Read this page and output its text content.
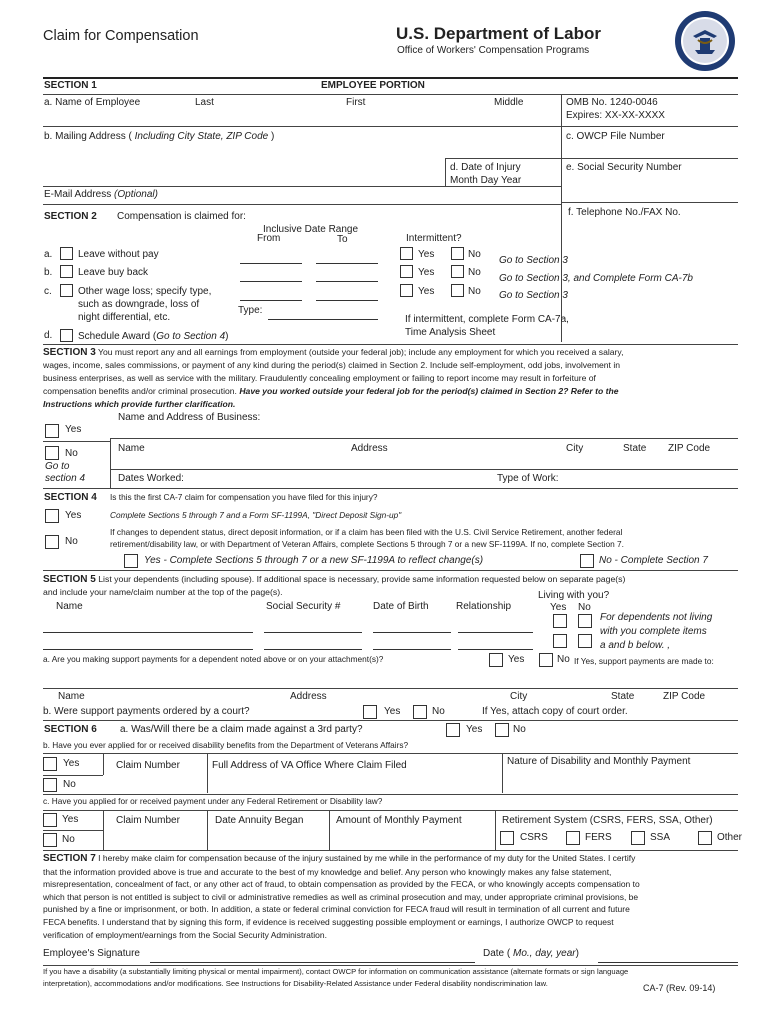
Claim for Compensation	U.S. Department of Labor
Office of Workers' Compensation Programs
SECTION 1	EMPLOYEE PORTION
a. Name of Employee	Last	First	Middle	OMB No. 1240-0046
Expires: XX-XX-XXXX
b. Mailing Address ( Including City State, ZIP Code )	c. OWCP File Number
d. Date of Injury
Month Day Year
e. Social Security Number
E-Mail Address (Optional)
f. Telephone No./FAX No.
SECTION 2 Compensation is claimed for:
Inclusive Date Range
From	To	Intermittent?
a.	Leave without pay	Yes	No
Go to Section 3
b.	Leave buy back	Yes	No
Go to Section 3, and Complete Form CA-7b
c.	Other wage loss; specify type,
such as downgrade, loss of
night differential, etc.
Yes	No Go to Section 3
Type:
If intermittent, complete Form CA-7a,
Time Analysis Sheet
d.	Schedule Award (Go to Section 4)
SECTION 3 You must report any and all earnings from employment (outside your federal job); include any employment for which you received a salary,
wages, income, sales commissions, or payment of any kind during the period(s) claimed in Section 2. Include self-employment, odd jobs, involvement in
business enterprises, as well as service with the military. Fraudulently concealing employment or failing to report income may result in forfeiture of
compensation benefits and/or criminal prosecution. Have you worked outside your federal job for the period(s) claimed in Section 2? Refer to the
Instructions which provide further clarification.
Name and Address of Business:
Yes
No
Go to
section 4
Name	Address	City	State ZIP Code
Dates Worked:	Type of Work:
SECTION 4 Is this the first CA-7 claim for compensation you have filed for this injury?
Yes	Complete Sections 5 through 7 and a Form SF-1199A, "Direct Deposit Sign-up"
No
If changes to dependent status, direct deposit information, or if a claim has been filed with the U.S. Civil Service Retirement, another federal
retirement/disability law, or with Department of Veteran Affairs, complete Sections 5 through 7 or a new SF-1199A. If no, complete Section 7.
Yes - Complete Sections 5 through 7 or a new SF-1199A to reflect change(s)	No - Complete Section 7
SECTION 5 List your dependents (including spouse). If additional space is necessary, provide same information requested below on separate page(s)
and include your name/claim number at the top of the page(s).	Living with you?
Name	Social Security #	Date of Birth	Relationship	Yes No
For dependents not living
with you complete items
a and b below. ,
a. Are you making support payments for a dependent noted above or on your attachment(s)?	Yes	No If Yes, support payments are made to:
Name	Address	City	State	ZIP Code
b. Were support payments ordered by a court?	Yes	No	If Yes, attach copy of court order.
SECTION 6 a. Was/Will there be a claim made against a 3rd party?	Yes	No
b. Have you ever applied for or received disability benefits from the Department of Veterans Affairs?
Yes	Claim Number	Full Address of VA Office Where Claim Filed	Nature of Disability and Monthly Payment
No
c. Have you applied for or received payment under any Federal Retirement or Disability law?
Yes	Claim Number	Date Annuity Began	Amount of Monthly Payment	Retirement System (CSRS, FERS, SSA, Other)
No	CSRS	FERS	SSA	Other
SECTION 7 I hereby make claim for compensation because of the injury sustained by me while in the performance of my duty for the United States. I certify
that the information provided above is true and accurate to the best of my knowledge and belief. Any person who knowingly makes any false statement,
misrepresentation, concealment of fact, or any other act of fraud, to obtain compensation as provided by the FECA, or who knowingly accepts compensation to
which that person is not entitled is subject to civil or administrative remedies as well as criminal prosecution and may, under appropriate criminal provisions, be
punished by a fine or imprisonment, or both. In addition, a state or federal criminal conviction for FECA fraud will result in termination of all current and future
FECA benefits. I understand that by signing this form, if evidence is received suggesting possible employment or earnings, I authorize OWCP to request
verification of employment/earnings from the Social Security Administration.
Employee's Signature	Date ( Mo., day, year)
If you have a disability (a substantially limiting physical or mental impairment), contact OWCP for information on communication assistance (alternate formats or sign language
interpretation), accommodations and/or modifications. See Instructions for Disability-Related Assistance under Federal disability nondiscrimination law.	CA-7 (Rev. 09-14)
